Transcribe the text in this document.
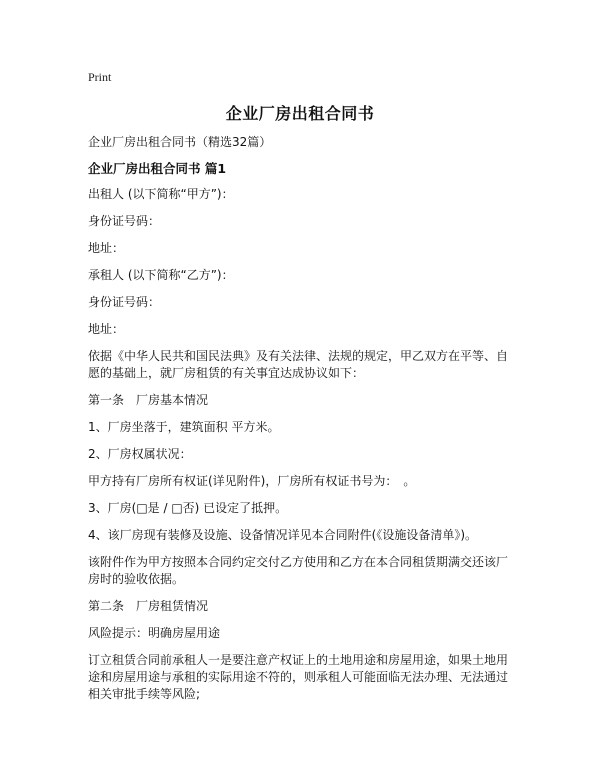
Print
企业厂房出租合同书

企业厂房出租合同书（精选32篇）

企业厂房出租合同书 篇1

出租人 (以下简称“甲方”)：

身份证号码：

地址：

承租人 (以下简称“乙方”)：

身份证号码：

地址：

依据《中华人民共和国民法典》及有关法律、法规的规定，甲乙双方在平等、自愿的基础上，就厂房租赁的有关事宜达成协议如下：

第一条　厂房基本情况

1、厂房坐落于，建筑面积 平方米。

2、厂房权属状况：

甲方持有厂房所有权证(详见附件)，厂房所有权证书号为：　。

3、厂房(□是 / □否) 已设定了抵押。

4、该厂房现有装修及设施、设备情况详见本合同附件(《设施设备清单》)。

该附件作为甲方按照本合同约定交付乙方使用和乙方在本合同租赁期满交还该厂房时的验收依据。

第二条　厂房租赁情况

风险提示：明确房屋用途

订立租赁合同前承租人一是要注意产权证上的土地用途和房屋用途，如果土地用途和房屋用途与承租的实际用途不符的，则承租人可能面临无法办理、无法通过相关审批手续等风险;
